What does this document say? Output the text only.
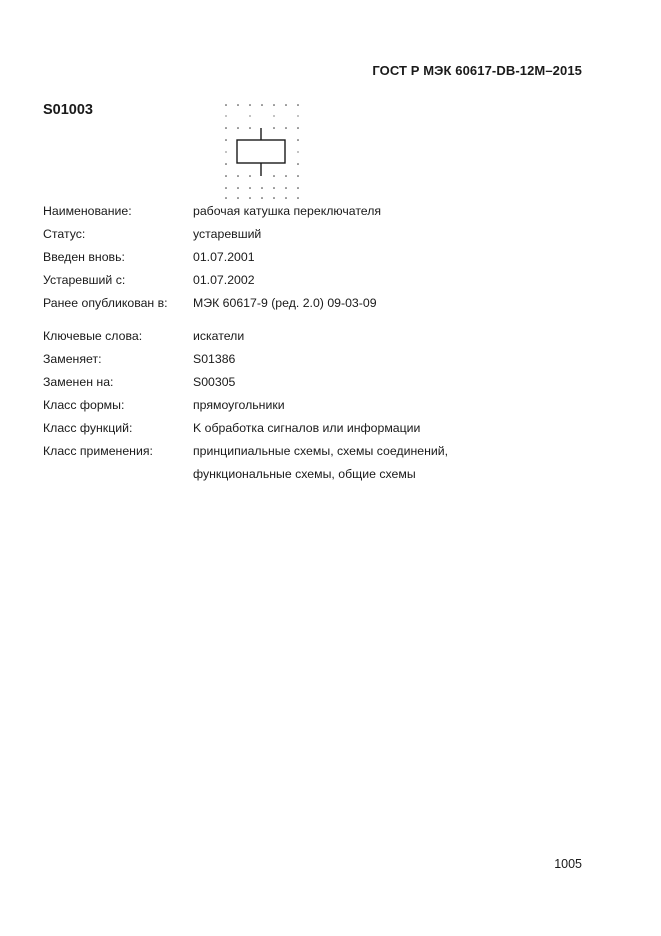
ГОСТ Р МЭК 60617-DB-12M–2015
S01003
Наименование:	рабочая катушка переключателя
Статус:	устаревший
Введен вновь:	01.07.2001
Устаревший с:	01.07.2002
Ранее опубликован в: МЭК 60617-9 (ред. 2.0) 09-03-09
Ключевые слова:	искатели
Заменяет:	S01386
Заменен на:	S00305
Класс формы:	прямоугольники
Класс функций:	K обработка сигналов или информации
Класс применения:	принципиальные схемы, схемы соединений,
функциональные схемы, общие схемы
1005
